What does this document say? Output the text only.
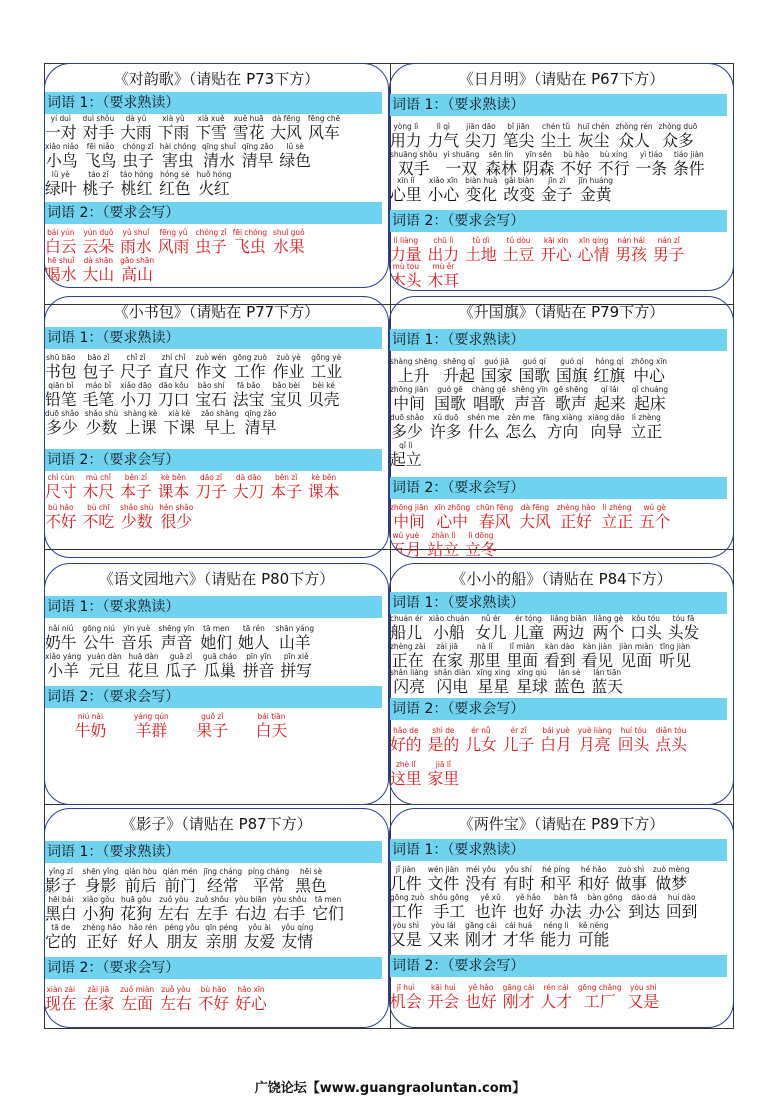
《对韵歌》（请贴在 P73下方）
词语 1：（要求熟读）
yí duì
一对
duì shǒu
对手
dà yǔ
大雨
xià yǔ
下雨
xià xuě
下雪
xuě huā
雪花
dà fēng
大风
fēng chē
风车
xiǎo niǎo
小鸟
fēi niǎo
飞鸟
chóng zǐ
虫子
hài chóng
害虫
qīng shuǐ
清水
qīng zǎo
清早
lǜ sè
绿色
lǜ yè
绿叶
táo zǐ
桃子
táo hóng
桃红
hóng sè
红色
huǒ hóng
火红
词语 2：（要求会写）
bái yún
白云
yún duǒ
云朵
yǔ shuǐ
雨水
fēng yǔ
风雨
chóng zǐ
虫子
fēi chóng
飞虫
shuǐ guǒ
水果
hē shuǐ
喝水
dà shān
大山
gāo shān
高山
《日月明》（请贴在 P67下方）
词语 1：（要求熟读）
yòng lì
用力
lì qì
力气
jiān dāo
尖刀
bǐ jiān
笔尖
chén tǔ
尘土
huī chén
灰尘
zhòng rén
众人
zhòng duō
众多
shuāng shǒu
双手
yì shuāng
一双
sēn lín
森林
yīn sēn
阴森
bù hǎo
不好
bù xíng
不行
yì tiáo
一条
tiáo jiàn
条件
xīn lǐ
心里
xiǎo xīn
小心
biàn huà
变化
gǎi biàn
改变
jīn zǐ
金子
jīn huáng
金黄
词语 2：（要求会写）
lì liàng
力量
chū lì
出力
tǔ dì
土地
tǔ dòu
土豆
kāi xīn
开心
xīn qíng
心情
nán hái
男孩
nán zǐ
男子
mù tou
木头
mù ěr
木耳
《小书包》（请贴在 P77下方）
词语 1：（要求熟读）
shū bāo
书包
bāo zǐ
包子
chǐ zǐ
尺子
zhí chǐ
直尺
zuò wén
作文
gōng zuò
工作
zuò yè
作业
gōng yè
工业
qiān bǐ
铅笔
máo bǐ
毛笔
xiǎo dāo
小刀
dāo kǒu
刀口
bǎo shí
宝石
fǎ bǎo
法宝
bǎo bèi
宝贝
bèi ké
贝壳
duō shǎo
多少
shǎo shù
少数
shàng kè
上课
xià kè
下课
zǎo shàng
早上
qīng zǎo
清早
词语 2：（要求会写）
chǐ cùn
尺寸
mù chǐ
木尺
běn zǐ
本子
kè běn
课本
dāo zǐ
刀子
dà dāo
大刀
běn zǐ
本子
kè běn
课本
bù hǎo
不好
bù chī
不吃
shǎo shù
少数
hěn shǎo
很少
《升国旗》（请贴在 P79下方）
词语 1：（要求熟读）
shàng shēng
上升
shēng qǐ
升起
guó jiā
国家
guó qí
国歌
guó qí
国旗
hóng qí
红旗
zhōng xīn
中心
zhōng jiān
中间
guó gē
国歌
chàng gē
唱歌
shēng yīn
声音
gē shēng
歌声
qǐ lái
起来
qǐ chuáng
起床
duō shǎo
多少
xǔ duō
许多
shén me
什么
zěn me
怎么
fāng xiàng
方向
xiàng dǎo
向导
lì zhèng
立正
qǐ lì
起立
词语 2：（要求会写）
zhōng jiān
中间
xīn zhōng
心中
chūn fēng
春风
dà fēng
大风
zhèng hǎo
正好
lì zhèng
立正
wǔ gè
五个
wǔ yuè
五月
zhàn lì
站立
lì dōng
立冬
《语文园地六》（请贴在 P80下方）
词语 1：（要求熟读）
nǎi niú
奶牛
gōng niú
公牛
yīn yuè
音乐
shēng yīn
声音
tā men
她们
tā rén
她人
shān yáng
山羊
xiǎo yáng
小羊
yuán dàn
元旦
huā dàn
花旦
guā zǐ
瓜子
guā cháo
瓜巢
pīn yīn
拼音
pīn xiě
拼写
词语 2：（要求会写）
niú nǎi
牛奶
yáng qún
羊群
guǒ zǐ
果子
bái tiān
白天
《小小的船》（请贴在 P84下方）
词语 1：（要求熟读）
chuán ér
船儿
xiǎo chuán
小船
nǚ ér
女儿
ér tóng
儿童
liǎng biān
两边
liǎng gè
两个
kǒu tóu
口头
tóu fā
头发
zhèng zài
正在
zài jiā
在家
nà lǐ
那里
lǐ miàn
里面
kàn dào
看到
kàn jiàn
看见
jiàn miàn
见面
tīng jiàn
听见
shǎn liàng
闪亮
shǎn diàn
闪电
xīng xing
星星
xīng qiú
星球
lán sè
蓝色
lán tiān
蓝天
词语 2：（要求会写）
hǎo de
好的
shì de
是的
ér nǚ
儿女
ér zǐ
儿子
bái yuè
白月
yuè liàng
月亮
huí tóu
回头
diǎn tóu
点头
zhè lǐ
这里
jiā lǐ
家里
《影子》（请贴在 P87下方）
词语 1：（要求熟读）
yǐng zǐ
影子
shēn yǐng
身影
qián hòu
前后
qián mén
前门
jīng cháng
经常
píng cháng
平常
hēi sè
黑色
hēi bái
黑白
xiǎo gǒu
小狗
huā gǒu
花狗
zuǒ yòu
左右
zuǒ shǒu
左手
yòu biān
右边
yòu shǒu
右手
tā men
它们
tā de
它的
zhèng hǎo
正好
hǎo rén
好人
péng yǒu
朋友
qīn péng
亲朋
yǒu ài
友爱
yǒu qíng
友情
词语 2：（要求会写）
xiàn zài
现在
zài jiā
在家
zuǒ miàn
左面
zuǒ yòu
左右
bù hǎo
不好
hǎo xīn
好心
《两件宝》（请贴在 P89下方）
词语 1：（要求熟读）
jǐ jiàn
几件
wén jiàn
文件
méi yǒu
没有
yǒu shí
有时
hé píng
和平
hé hǎo
和好
zuò shì
做事
zuò mèng
做梦
gōng zuò
工作
shǒu gōng
手工
yě xǔ
也许
yě hǎo
也好
bàn fǎ
办法
bàn gōng
办公
dào dá
到达
huí dào
回到
yòu shì
又是
yòu lái
又来
gāng cái
刚才
cái huá
才华
néng lì
能力
kě néng
可能
词语 2：（要求会写）
jī huì
机会
kāi huì
开会
yě hǎo
也好
gāng cái
刚才
rén cái
人才
gōng chǎng
工厂
yòu shì
又是
广饶论坛【www.guangraoluntan.com】
